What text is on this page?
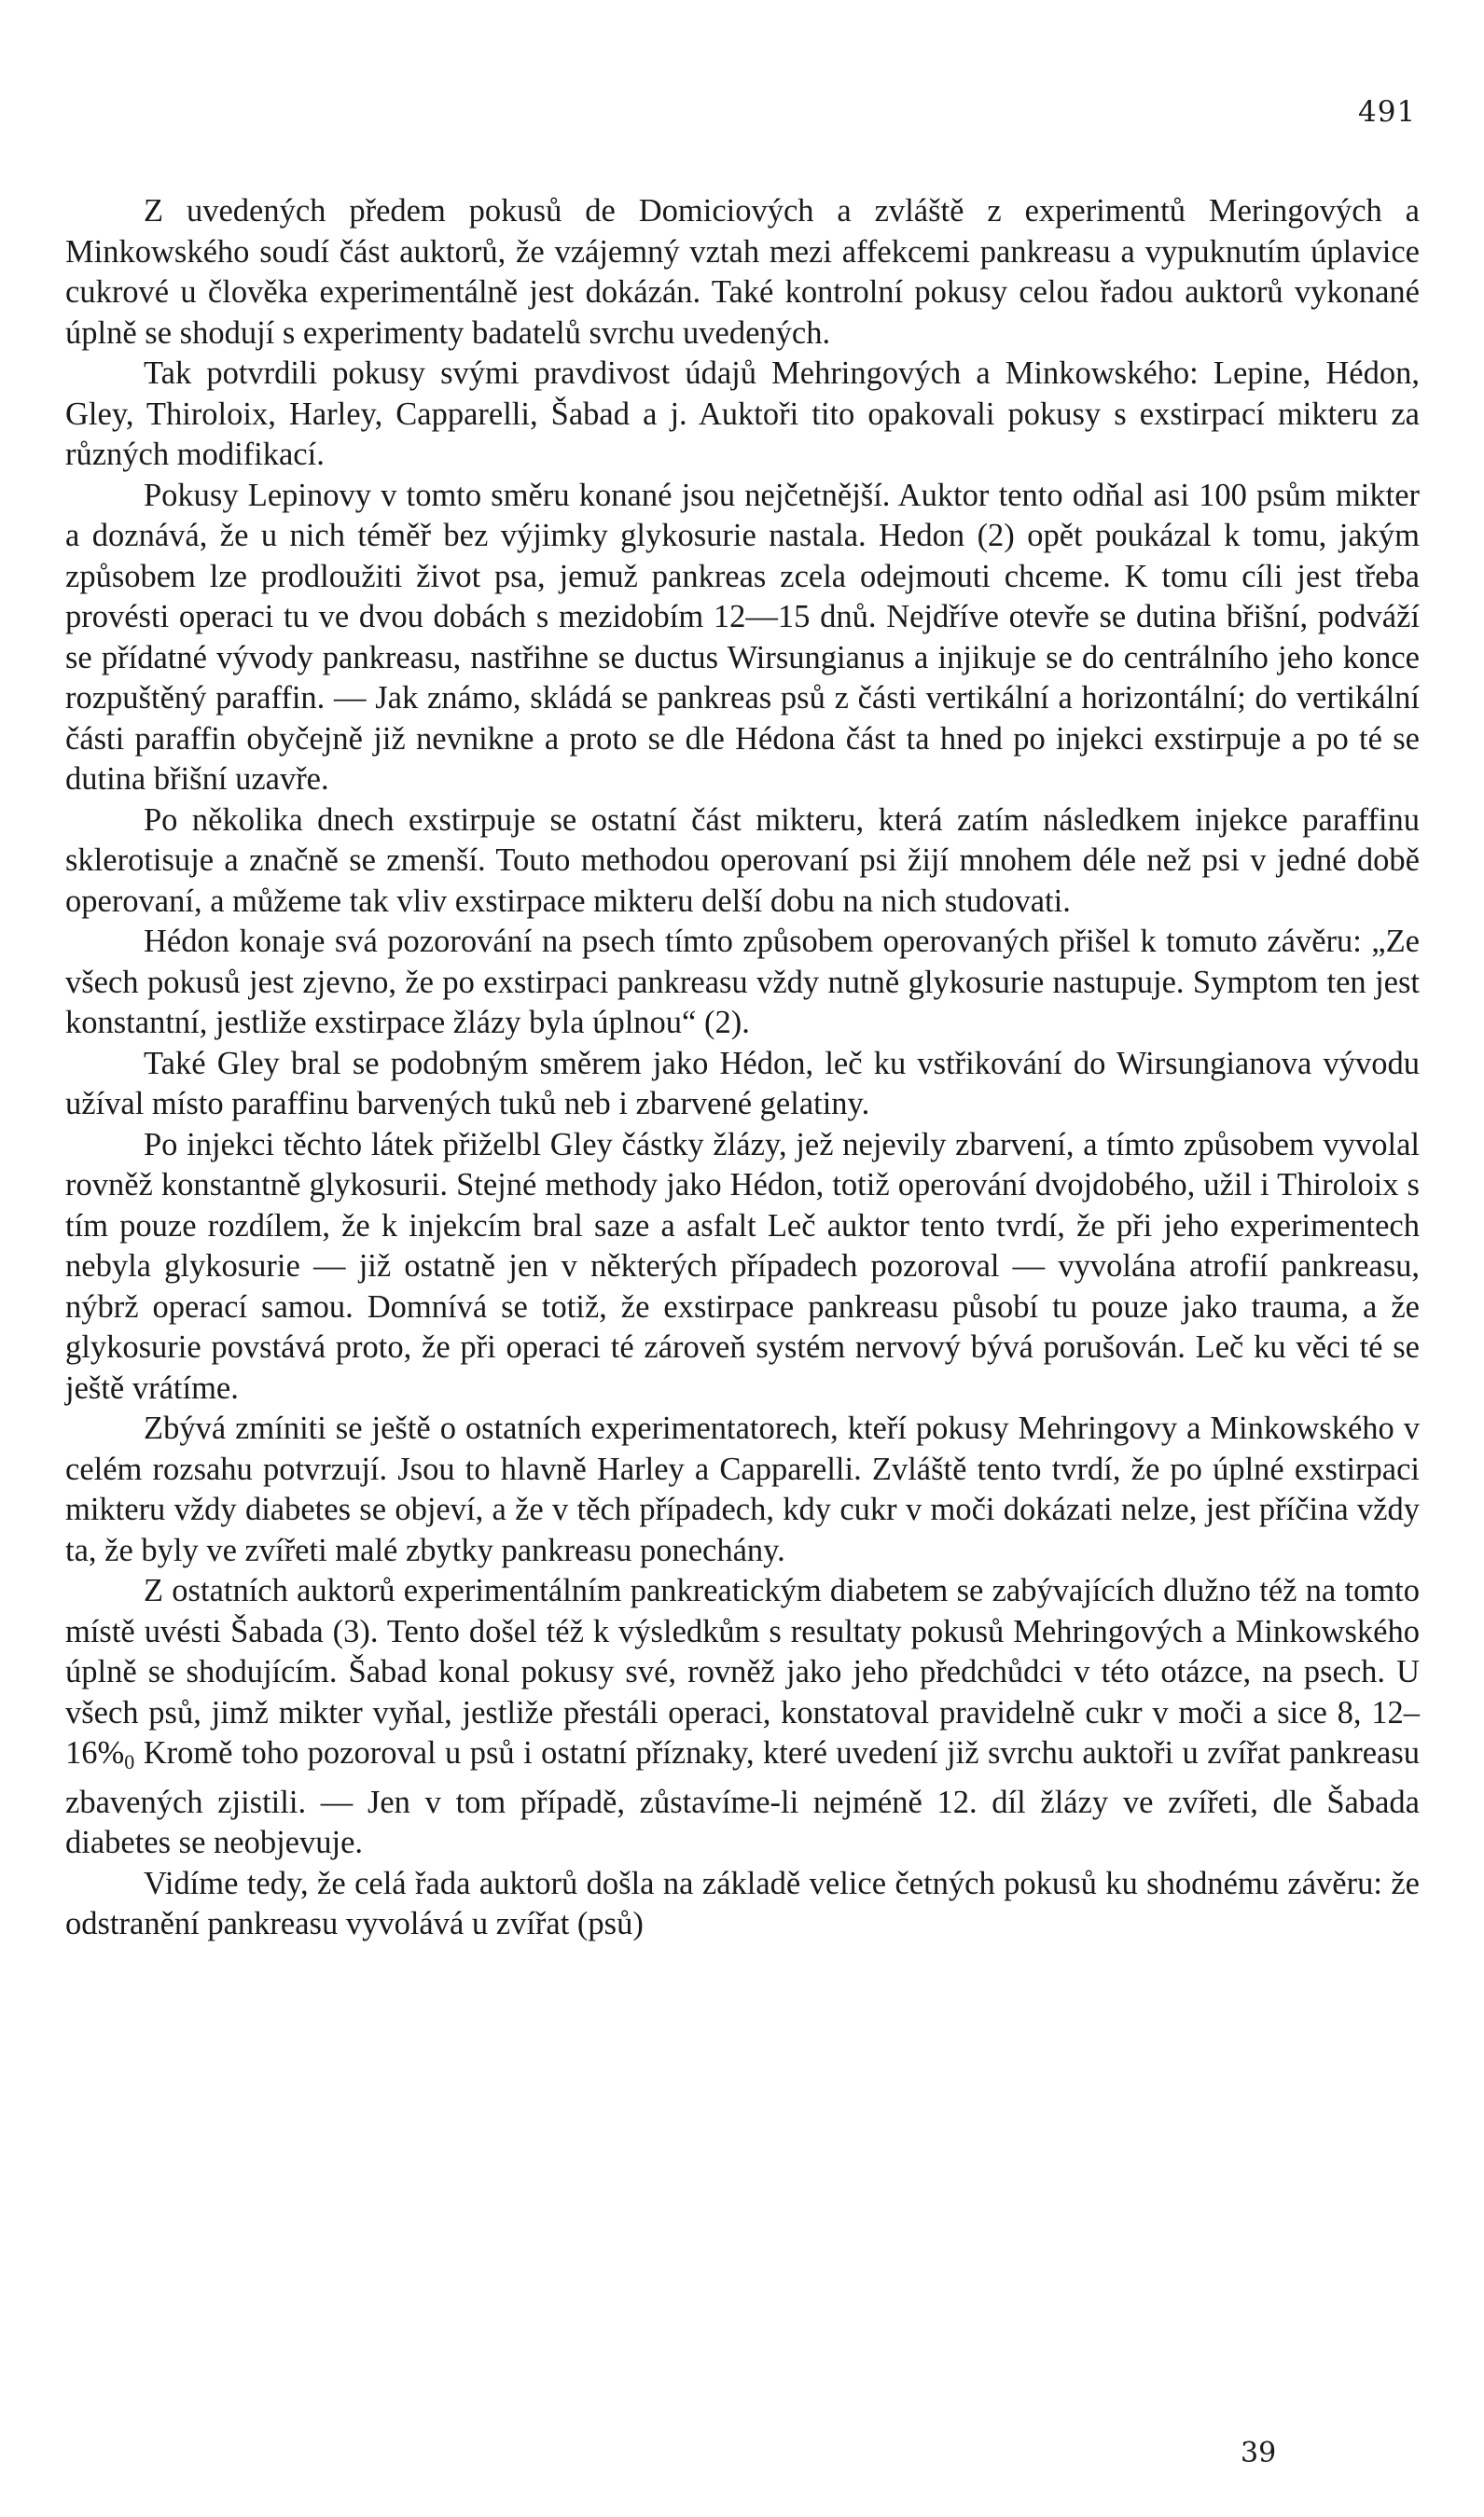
491

Z uvedených předem pokusů de Domiciových a zvláště z experimentů Meringových a Minkowského soudí část auktorů, že vzájemný vztah mezi affekcemi pankreasu a vypuknutím úplavice cukrové u člověka experimentálně jest dokázán. Také kontrolní pokusy celou řadou auktorů vykonané úplně se shodují s experimenty badatelů svrchu uvedených.

Tak potvrdili pokusy svými pravdivost údajů Mehringových a Minkowského: Lepine, Hédon, Gley, Thiroloix, Harley, Capparelli, Šabad a j. Auktoři tito opakovali pokusy s exstirpací mikteru za různých modifikací.

Pokusy Lepinovy v tomto směru konané jsou nejčetnější. Auktor tento odňal asi 100 psům mikter a doznává, že u nich téměř bez výjimky glykosurie nastala. Hedon (2) opět poukázal k tomu, jakým způsobem lze prodloužiti život psa, jemuž pankreas zcela odejmouti chceme. K tomu cíli jest třeba provésti operaci tu ve dvou dobách s mezidobím 12—15 dnů. Nejdříve otevře se dutina břišní, podváží se přídatné vývody pankreasu, nastřihne se ductus Wirsungianus a injikuje se do centrálního jeho konce rozpuštěný paraffin. — Jak známo, skládá se pankreas psů z části vertikální a horizontální; do vertikální části paraffin obyčejně již nevnikne a proto se dle Hédona část ta hned po injekci exstirpuje a po té se dutina břišní uzavře.

Po několika dnech exstirpuje se ostatní část mikteru, která zatím následkem injekce paraffinu sklerotisuje a značně se zmenší. Touto methodou operovaní psi žijí mnohem déle než psi v jedné době operovaní, a můžeme tak vliv exstirpace mikteru delší dobu na nich studovati.

Hédon konaje svá pozorování na psech tímto způsobem operovaných přišel k tomuto závěru: „Ze všech pokusů jest zjevno, že po exstirpaci pankreasu vždy nutně glykosurie nastupuje. Symptom ten jest konstantní, jestliže exstirpace žlázy byla úplnou“ (2).

Také Gley bral se podobným směrem jako Hédon, leč ku vstřikování do Wirsungianova vývodu užíval místo paraffinu barvených tuků neb i zbarvené gelatiny.

Po injekci těchto látek přiželbl Gley částky žlázy, jež nejevily zbarvení, a tímto způsobem vyvolal rovněž konstantně glykosurii. Stejné methody jako Hédon, totiž operování dvojdobého, užil i Thiroloix s tím pouze rozdílem, že k injekcím bral saze a asfalt Leč auktor tento tvrdí, že při jeho experimentech nebyla glykosurie — již ostatně jen v některých případech pozoroval — vyvolána atrofií pankreasu, nýbrž operací samou. Domnívá se totiž, že exstirpace pankreasu působí tu pouze jako trauma, a že glykosurie povstává proto, že při operaci té zároveň systém nervový bývá porušován. Leč ku věci té se ještě vrátíme.

Zbývá zmíniti se ještě o ostatních experimentatorech, kteří pokusy Mehringovy a Minkowského v celém rozsahu potvrzují. Jsou to hlavně Harley a Capparelli. Zvláště tento tvrdí, že po úplné exstirpaci mikteru vždy diabetes se objeví, a že v těch případech, kdy cukr v moči dokázati nelze, jest příčina vždy ta, že byly ve zvířeti malé zbytky pankreasu ponechány.

Z ostatních auktorů experimentálním pankreatickým diabetem se zabývajících dlužno též na tomto místě uvésti Šabada (3). Tento došel též k výsledkům s resultaty pokusů Mehringových a Minkowského úplně se shodujícím. Šabad konal pokusy své, rovněž jako jeho předchůdci v této otázce, na psech. U všech psů, jimž mikter vyňal, jestliže přestáli operaci, konstatoval pravidelně cukr v moči a sice 8, $12-16\%_0$ Kromě toho pozoroval u psů i ostatní příznaky, které uvedení již svrchu auktoři u zvířat pankreasu zbavených zjistili. — Jen v tom případě, zůstavíme-li nejméně 12. díl žlázy ve zvířeti, dle Šabada diabetes se neobjevuje.

Vidíme tedy, že celá řada auktorů došla na základě velice četných pokusů ku shodnému závěru: že odstranění pankreasu vyvolává u zvířat (psů)

39
